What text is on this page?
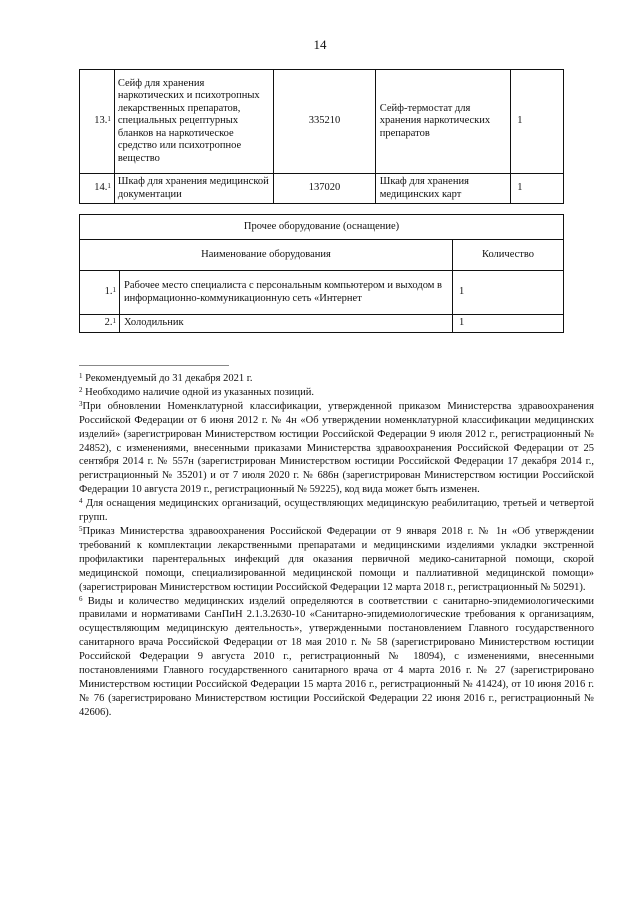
14
13.$^1$	Сейф для хранения наркотических и психотропных лекарственных препаратов, специальных рецептурных бланков на наркотическое средство или психотропное вещество	335210	Сейф-термостат для хранения наркотических препаратов	1
14.$^1$	Шкаф для хранения медицинской документации	137020	Шкаф для хранения медицинских карт	1
Прочее оборудование (оснащение)		
Наименование оборудования		Количество
1.$^1$	Рабочее место специалиста с персональным компьютером и выходом в информационно-коммуникационную сеть «Интернет	1
2.$^1$	Холодильник	1

$^1$ Рекомендуемый до 31 декабря 2021 г.

$^2$ Необходимо наличие одной из указанных позиций.

$^3$При обновлении Номенклатурной классификации, утвержденной приказом Министерства здравоохранения Российской Федерации от 6 июня 2012 г. № 4н «Об утверждении номенклатурной классификации медицинских изделий» (зарегистрирован Министерством юстиции Российской Федерации 9 июля 2012 г., регистрационный № 24852), с изменениями, внесенными приказами Министерства здравоохранения Российской Федерации от 25 сентября 2014 г. № 557н (зарегистрирован Министерством юстиции Российской Федерации 17 декабря 2014 г., регистрационный № 35201) и от 7 июля 2020 г. № 686н (зарегистрирован Министерством юстиции Российской Федерации 10 августа 2019 г., регистрационный № 59225), код вида может быть изменен.

$^4$ Для оснащения медицинских организаций, осуществляющих медицинскую реабилитацию, третьей и четвертой групп.

$^5$Приказ Министерства здравоохранения Российской Федерации от 9 января 2018 г. № 1н «Об утверждении требований к комплектации лекарственными препаратами и медицинскими изделиями укладки экстренной профилактики парентеральных инфекций для оказания первичной медико-санитарной помощи, скорой медицинской помощи, специализированной медицинской помощи и паллиативной медицинской помощи» (зарегистрирован Министерством юстиции Российской Федерации 12 марта 2018 г., регистрационный № 50291).

$^6$ Виды и количество медицинских изделий определяются в соответствии с санитарно-эпидемиологическими правилами и нормативами СанПиН 2.1.3.2630-10 «Санитарно-эпидемиологические требования к организациям, осуществляющим медицинскую деятельность», утвержденными постановлением Главного государственного санитарного врача Российской Федерации от 18 мая 2010 г. № 58 (зарегистрировано Министерством юстиции Российской Федерации 9 августа 2010 г., регистрационный № 18094), с изменениями, внесенными постановлениями Главного государственного санитарного врача от 4 марта 2016 г. № 27 (зарегистрировано Министерством юстиции Российской Федерации 15 марта 2016 г., регистрационный № 41424), от 10 июня 2016 г. № 76 (зарегистрировано Министерством юстиции Российской Федерации 22 июня 2016 г., регистрационный № 42606).
